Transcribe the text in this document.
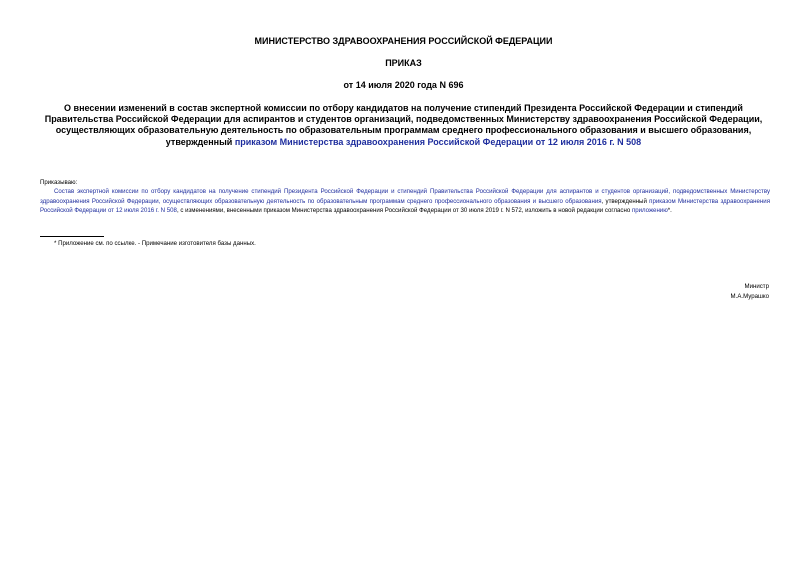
МИНИСТЕРСТВО ЗДРАВООХРАНЕНИЯ РОССИЙСКОЙ ФЕДЕРАЦИИ
ПРИКАЗ
от 14 июля 2020 года N 696
О внесении изменений в состав экспертной комиссии по отбору кандидатов на получение стипендий Президента Российской Федерации и стипендий Правительства Российской Федерации для аспирантов и студентов организаций, подведомственных Министерству здравоохранения Российской Федерации, осуществляющих образовательную деятельность по образовательным программам среднего профессионального образования и высшего образования, утвержденный приказом Министерства здравоохранения Российской Федерации от 12 июля 2016 г. N 508
Приказываю:
Состав экспертной комиссии по отбору кандидатов на получение стипендий Президента Российской Федерации и стипендий Правительства Российской Федерации для аспирантов и студентов организаций, подведомственных Министерству здравоохранения Российской Федерации, осуществляющих образовательную деятельность по образовательным программам среднего профессионального образования и высшего образования, утвержденный приказом Министерства здравоохранения Российской Федерации от 12 июля 2016 г. N 508, с изменениями, внесенными приказом Министерства здравоохранения Российской Федерации от 30 июля 2019 г. N 572, изложить в новой редакции согласно приложению*.
* Приложение см. по ссылке. - Примечание изготовителя базы данных.
Министр
М.А.Мурашко
